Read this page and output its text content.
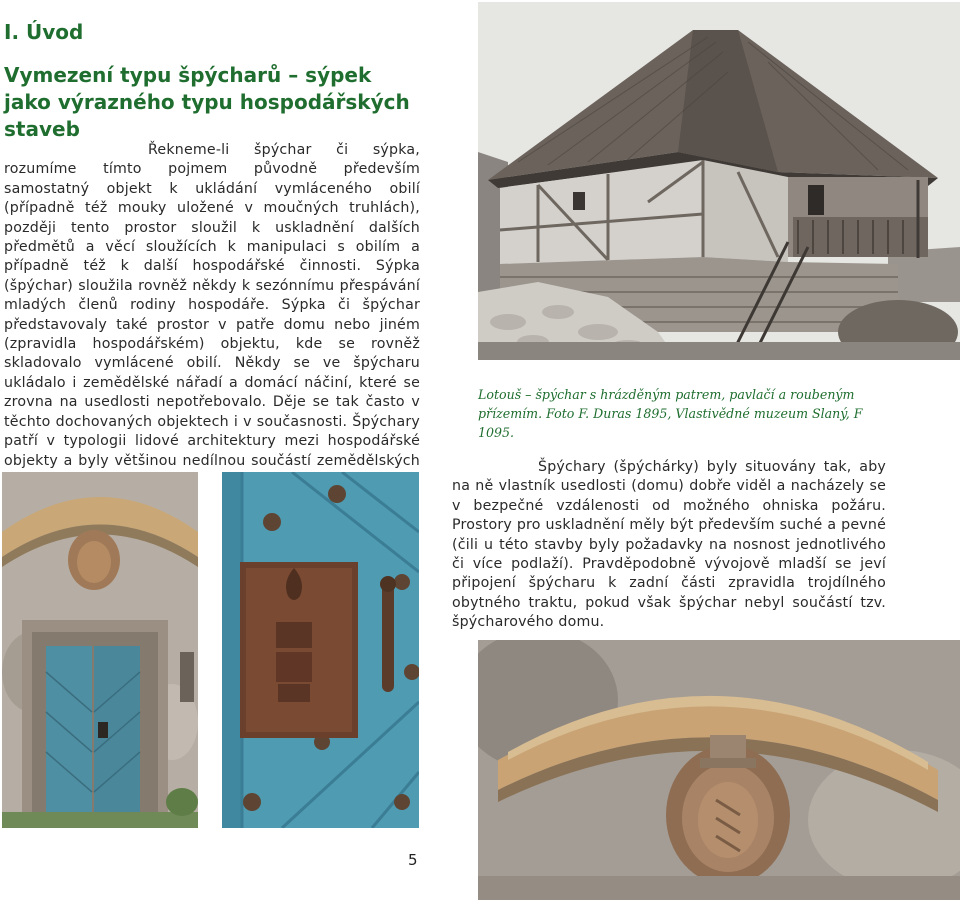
I. Úvod
Vymezení typu špýcharů – sýpek jako výrazného typu hospodářských staveb

Řekneme-li špýchar či sýpka, rozumíme tímto pojmem původně především samostatný objekt k ukládání vymláceného obilí (případně též mouky uložené v moučných truhlách), později tento prostor sloužil k uskladnění dalších předmětů a věcí sloužících k manipulaci s obilím a případně též k další hospodářské činnosti. Sýpka (špýchar) sloužila rovněž někdy k sezónnímu přespávání mladých členů rodiny hospodáře. Sýpka či špýchar představovaly také prostor v patře domu nebo jiném (zpravidla hospodářském) objektu, kde se rovněž skladovalo vymlácené obilí. Někdy se ve špýcharu ukládalo i zemědělské nářadí a domácí náčiní, které se zrovna na usedlosti nepotřebovalo. Děje se tak často v těchto dochovaných objektech i v současnosti. Špýchary patří v typologii lidové architektury mezi hospodářské objekty a byly většinou nedílnou součástí zemědělských

Lotouš – špýchar s hrázděným patrem, pavlačí a roubeným přízemím. Foto F. Duras 1895, Vlastivědné muzeum Slaný, F 1095.

Špýchary (špýchárky) byly situovány tak, aby na ně vlastník usedlosti (domu) dobře viděl a nacházely se v bezpečné vzdálenosti od možného ohniska požáru. Prostory pro uskladnění měly být především suché a pevné (čili u této stavby byly požadavky na nosnost jednotlivého či více podlaží). Pravděpodobně vývojově mladší se jeví připojení špýcharu k zadní části zpravidla trojdílného obytného traktu, pokud však špýchar nebyl součástí tzv. špýcharového domu.

5
